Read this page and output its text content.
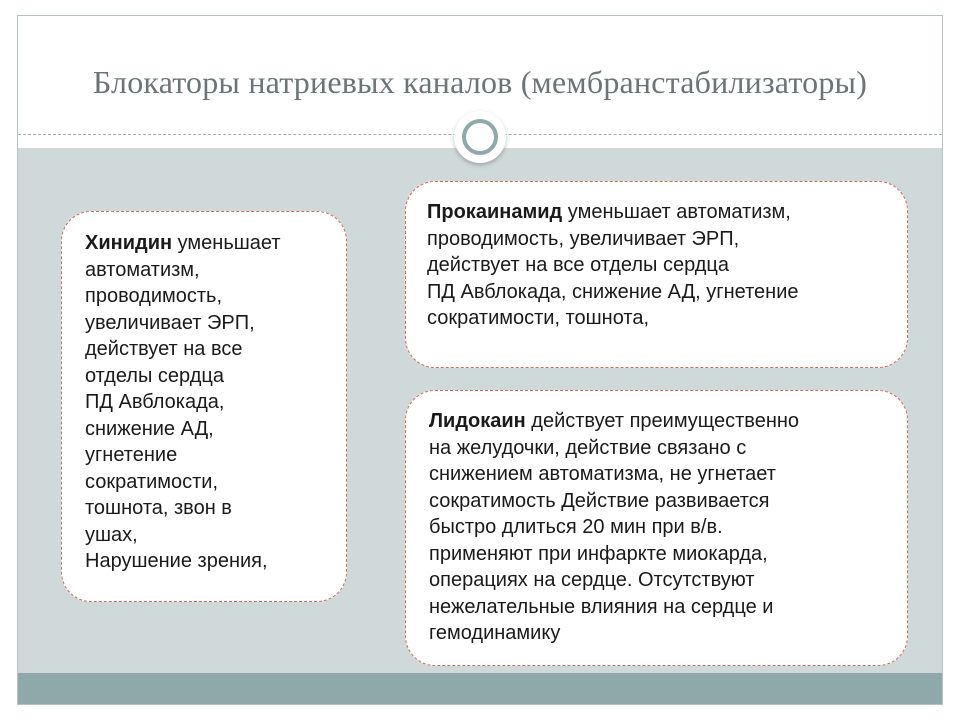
Блокаторы натриевых каналов (мембранстабилизаторы)
Хинидин уменьшает
автоматизм,
проводимость,
увеличивает ЭРП,
действует на все
отделы сердца
ПД Авблокада,
снижение АД,
угнетение
сократимости,
тошнота, звон в
ушах,
Нарушение зрения,
Прокаинамид уменьшает автоматизм,
проводимость, увеличивает ЭРП,
действует на все отделы сердца
ПД Авблокада, снижение АД, угнетение
сократимости, тошнота,
Лидокаин действует преимущественно
на желудочки, действие связано с
снижением автоматизма, не угнетает
сократимость Действие развивается
быстро длиться 20 мин при в/в.
применяют при инфаркте миокарда,
операциях на сердце. Отсутствуют
нежелательные влияния на сердце и
гемодинамику
